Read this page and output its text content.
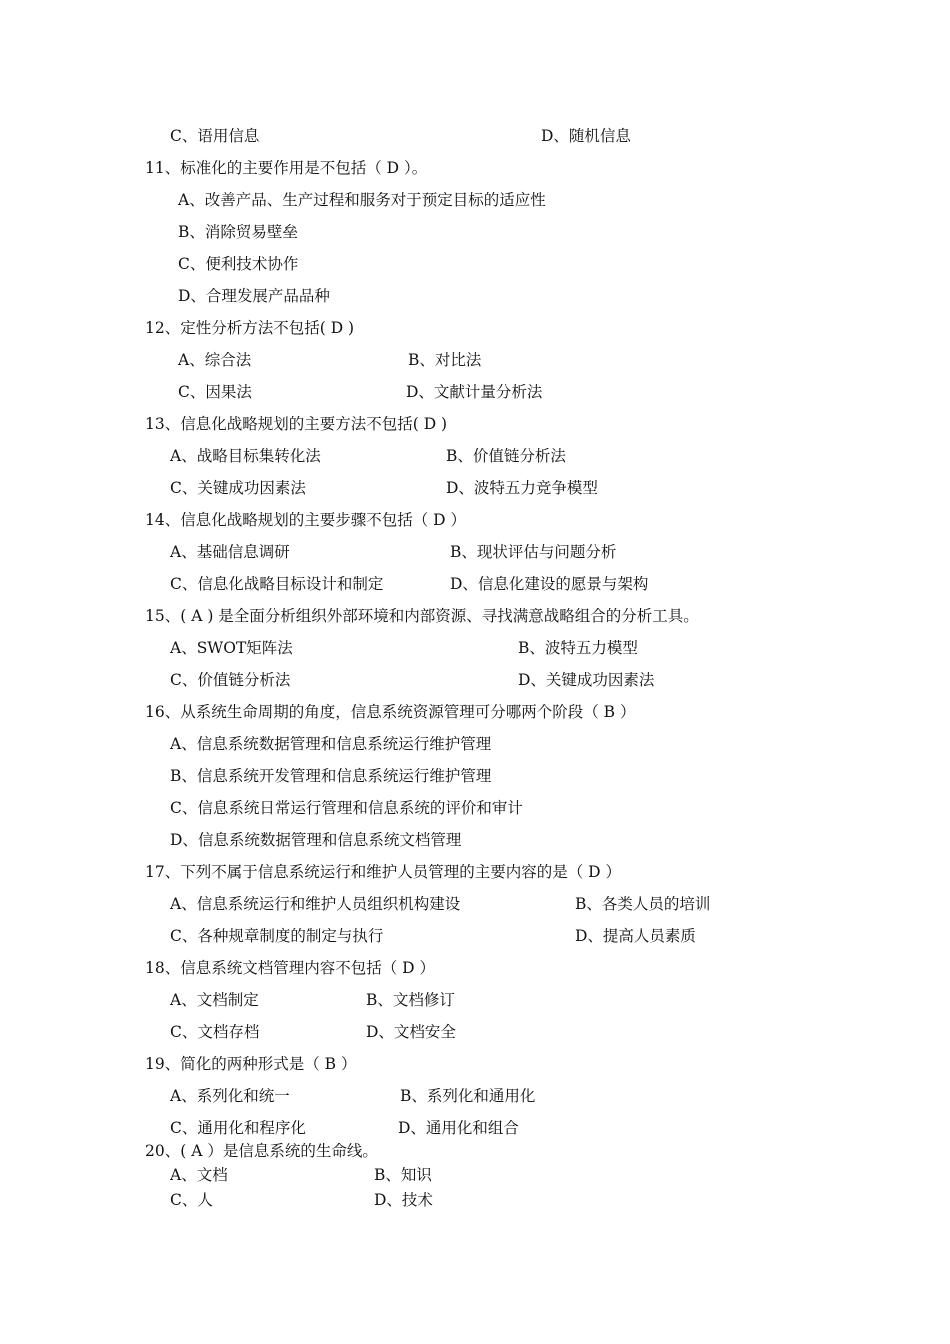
C、语用信息	D、随机信息
11、标准化的主要作用是不包括（ D ）。
A、改善产品、生产过程和服务对于预定目标的适应性
B、消除贸易壁垒
C、便利技术协作
D、合理发展产品品种
12、定性分析方法不包括( D )
A、综合法	B、对比法
C、因果法	D、文献计量分析法
13、信息化战略规划的主要方法不包括( D )
A、战略目标集转化法	B、价值链分析法
C、关键成功因素法	D、波特五力竞争模型
14、信息化战略规划的主要步骤不包括（ D ）
A、基础信息调研	B、现状评估与问题分析
C、信息化战略目标设计和制定	D、信息化建设的愿景与架构
15、( A ) 是全面分析组织外部环境和内部资源、寻找满意战略组合的分析工具。
A、SWOT矩阵法	B、波特五力模型
C、价值链分析法	D、关键成功因素法
16、从系统生命周期的角度，信息系统资源管理可分哪两个阶段（ B ）
A、信息系统数据管理和信息系统运行维护管理
B、信息系统开发管理和信息系统运行维护管理
C、信息系统日常运行管理和信息系统的评价和审计
D、信息系统数据管理和信息系统文档管理
17、下列不属于信息系统运行和维护人员管理的主要内容的是（ D ）
A、信息系统运行和维护人员组织机构建设	B、各类人员的培训
C、各种规章制度的制定与执行	D、提高人员素质
18、信息系统文档管理内容不包括（ D ）
A、文档制定	B、文档修订
C、文档存档	D、文档安全
19、简化的两种形式是（ B ）
A、系列化和统一	B、系列化和通用化
C、通用化和程序化	D、通用化和组合
20、( A ）是信息系统的生命线。
A、文档	B、知识
C、人	D、技术
